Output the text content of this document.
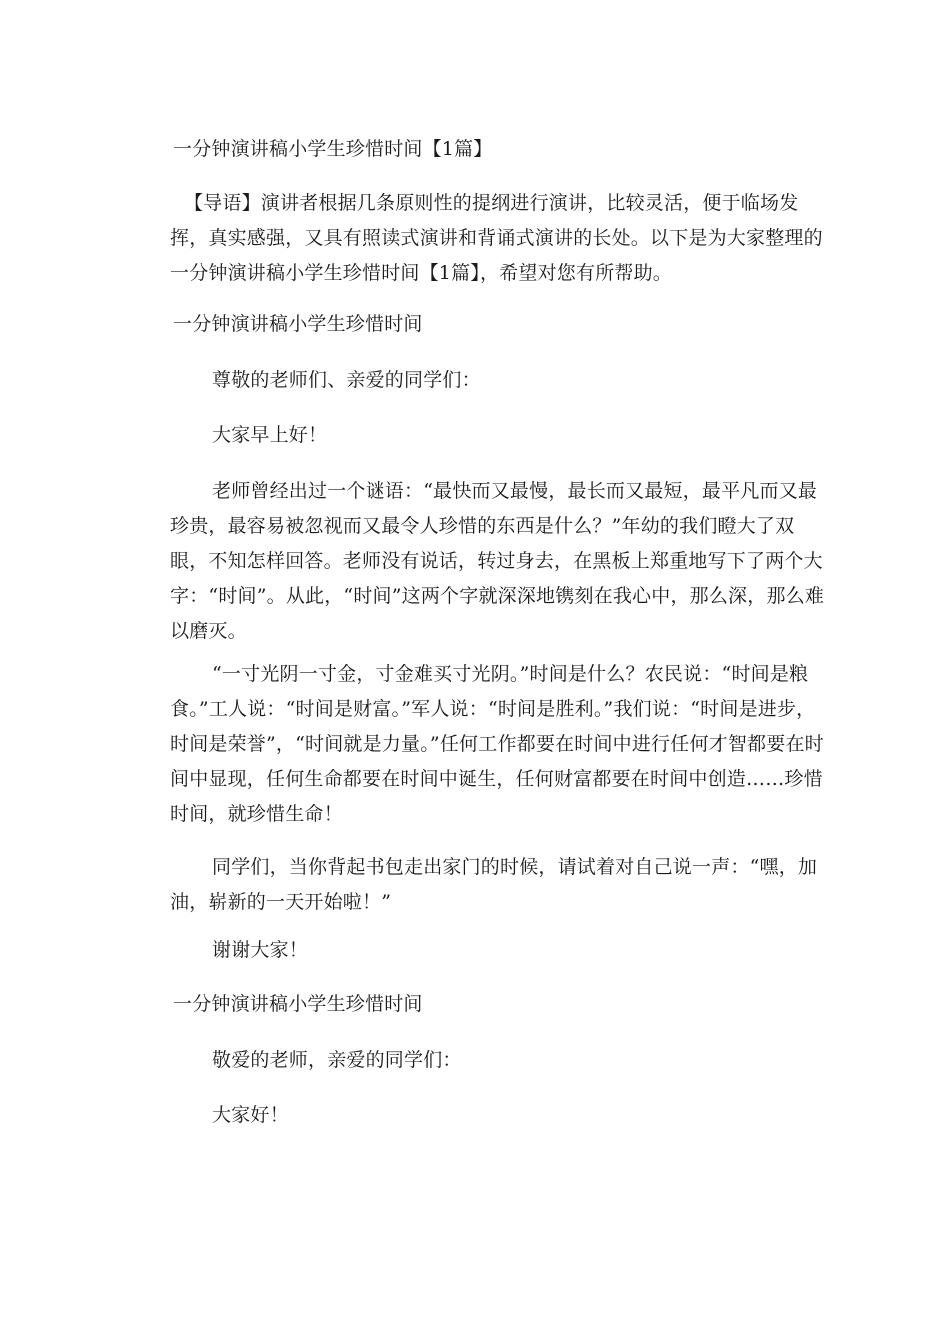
一分钟演讲稿小学生珍惜时间【1篇】
【导语】演讲者根据几条原则性的提纲进行演讲，比较灵活，便于临场发挥，真实感强，又具有照读式演讲和背诵式演讲的长处。以下是为大家整理的一分钟演讲稿小学生珍惜时间【1篇】，希望对您有所帮助。
一分钟演讲稿小学生珍惜时间
尊敬的老师们、亲爱的同学们：
大家早上好！
老师曾经出过一个谜语：“最快而又最慢，最长而又最短，最平凡而又最珍贵，最容易被忽视而又最令人珍惜的东西是什么？”年幼的我们瞪大了双眼，不知怎样回答。老师没有说话，转过身去，在黑板上郑重地写下了两个大字：“时间”。从此，“时间”这两个字就深深地镌刻在我心中，那么深，那么难以磨灭。
“一寸光阴一寸金，寸金难买寸光阴。”时间是什么？农民说：“时间是粮食。”工人说：“时间是财富。”军人说：“时间是胜利。”我们说：“时间是进步，时间是荣誉”，“时间就是力量。”任何工作都要在时间中进行任何才智都要在时间中显现，任何生命都要在时间中诞生，任何财富都要在时间中创造……珍惜时间，就珍惜生命！
同学们，当你背起书包走出家门的时候，请试着对自己说一声：“嘿，加油，崭新的一天开始啦！”
谢谢大家！
一分钟演讲稿小学生珍惜时间
敬爱的老师，亲爱的同学们：
大家好！
